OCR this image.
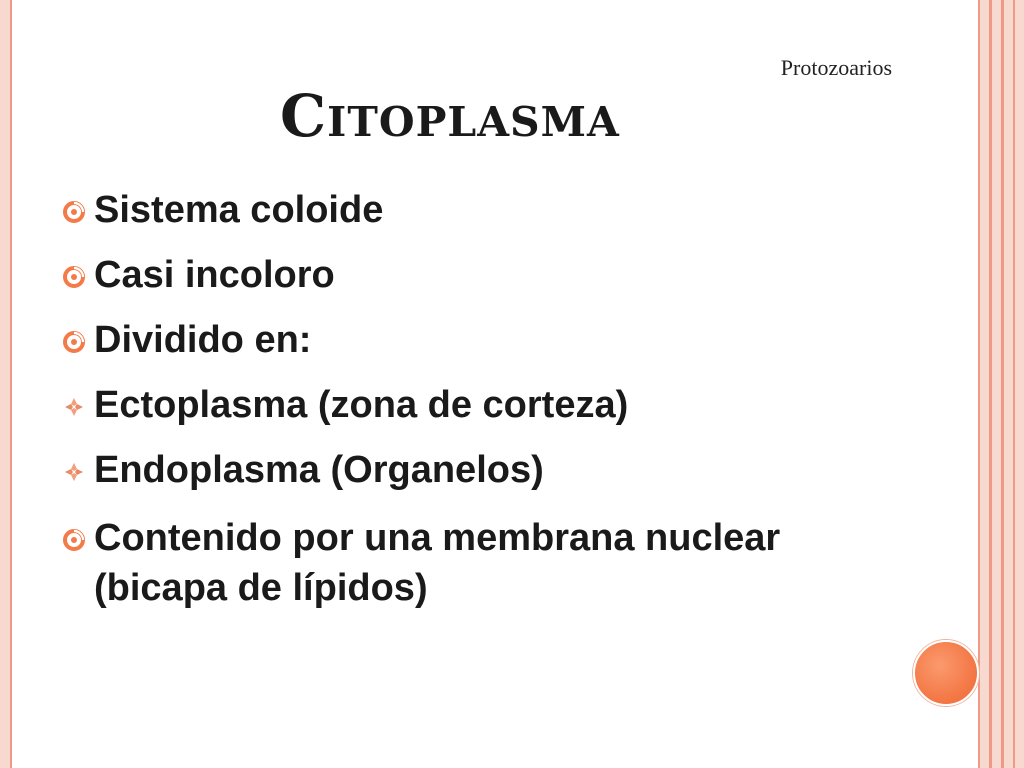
Protozoarios
Citoplasma
Sistema coloide
Casi incoloro
Dividido en:
Ectoplasma (zona de corteza)
Endoplasma (Organelos)
Contenido por una membrana nuclear (bicapa de lípidos)
